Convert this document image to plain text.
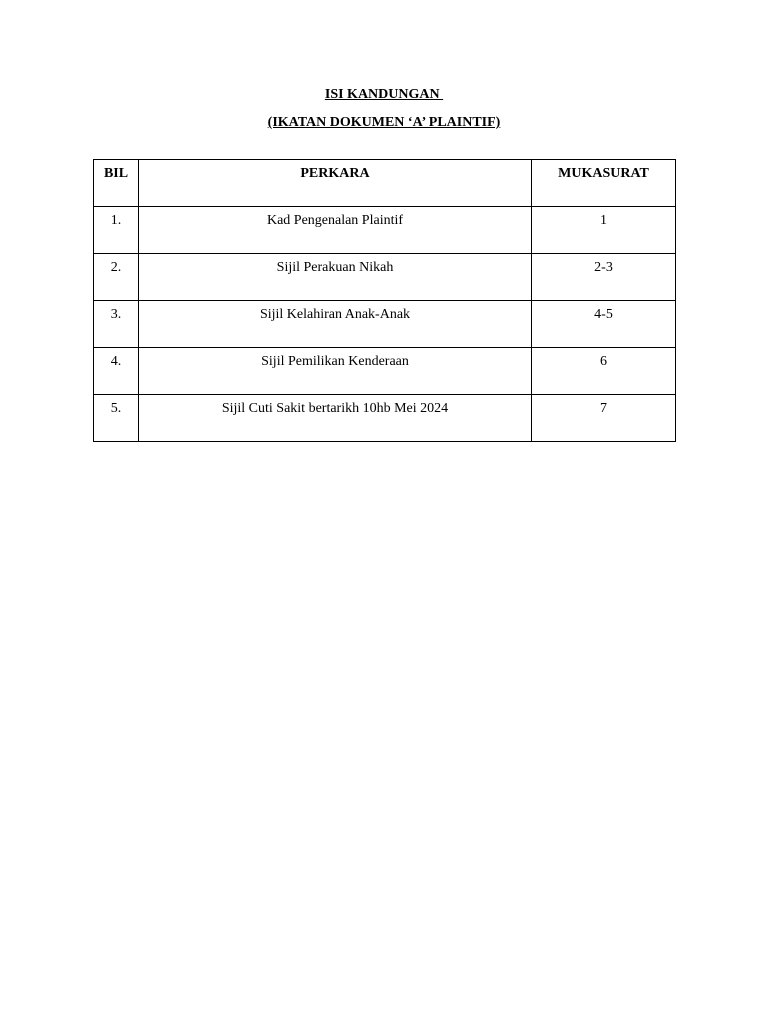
ISI KANDUNGAN
(IKATAN DOKUMEN ‘A’ PLAINTIF)
BIL	PERKARA	MUKASURAT
1.	Kad Pengenalan Plaintif	1
2.	Sijil Perakuan Nikah	2-3
3.	Sijil Kelahiran Anak-Anak	4-5
4.	Sijil Pemilikan Kenderaan	6
5.	Sijil Cuti Sakit bertarikh 10hb Mei 2024	7
